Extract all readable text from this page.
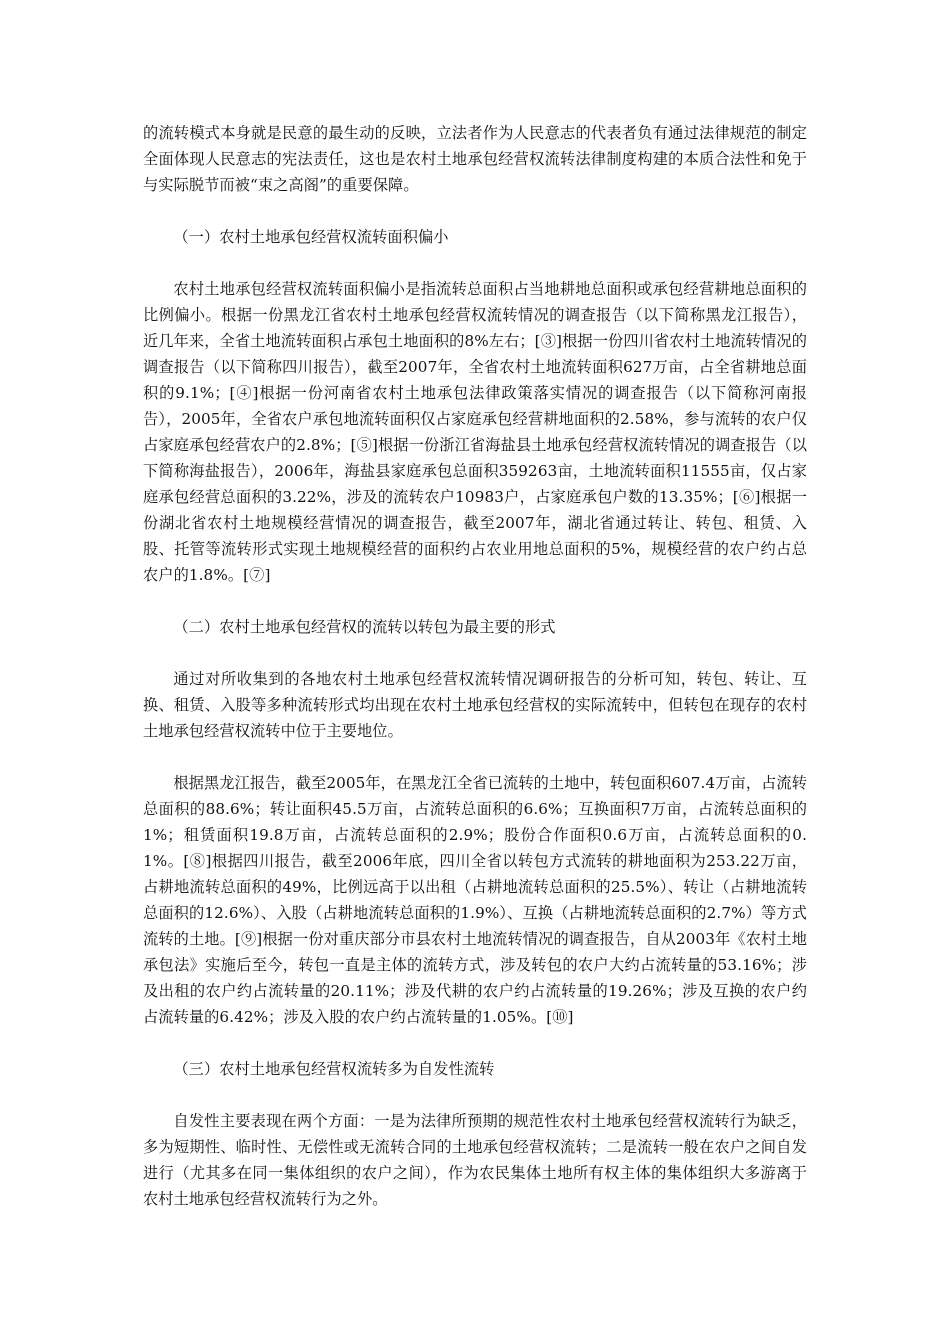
的流转模式本身就是民意的最生动的反映，立法者作为人民意志的代表者负有通过法律规范的制定全面体现人民意志的宪法责任，这也是农村土地承包经营权流转法律制度构建的本质合法性和免于与实际脱节而被“束之高阁”的重要保障。

（一）农村土地承包经营权流转面积偏小

农村土地承包经营权流转面积偏小是指流转总面积占当地耕地总面积或承包经营耕地总面积的比例偏小。根据一份黑龙江省农村土地承包经营权流转情况的调查报告（以下简称黑龙江报告），近几年来，全省土地流转面积占承包土地面积的8%左右；[③]根据一份四川省农村土地流转情况的调查报告（以下简称四川报告），截至2007年，全省农村土地流转面积627万亩，占全省耕地总面积的9.1%；[④]根据一份河南省农村土地承包法律政策落实情况的调查报告（以下简称河南报告），2005年，全省农户承包地流转面积仅占家庭承包经营耕地面积的2.58%，参与流转的农户仅占家庭承包经营农户的2.8%；[⑤]根据一份浙江省海盐县土地承包经营权流转情况的调查报告（以下简称海盐报告），2006年，海盐县家庭承包总面积359263亩，土地流转面积11555亩，仅占家庭承包经营总面积的3.22%，涉及的流转农户10983户，占家庭承包户数的13.35%；[⑥]根据一份湖北省农村土地规模经营情况的调查报告，截至2007年，湖北省通过转让、转包、租赁、入股、托管等流转形式实现土地规模经营的面积约占农业用地总面积的5%，规模经营的农户约占总农户的1.8%。[⑦]

（二）农村土地承包经营权的流转以转包为最主要的形式

通过对所收集到的各地农村土地承包经营权流转情况调研报告的分析可知，转包、转让、互换、租赁、入股等多种流转形式均出现在农村土地承包经营权的实际流转中，但转包在现存的农村土地承包经营权流转中位于主要地位。

根据黑龙江报告，截至2005年，在黑龙江全省已流转的土地中，转包面积607.4万亩，占流转总面积的88.6%；转让面积45.5万亩，占流转总面积的6.6%；互换面积7万亩，占流转总面积的1%；租赁面积19.8万亩，占流转总面积的2.9%；股份合作面积0.6万亩，占流转总面积的0.1%。[⑧]根据四川报告，截至2006年底，四川全省以转包方式流转的耕地面积为253.22万亩，占耕地流转总面积的49%，比例远高于以出租（占耕地流转总面积的25.5%）、转让（占耕地流转总面积的12.6%）、入股（占耕地流转总面积的1.9%）、互换（占耕地流转总面积的2.7%）等方式流转的土地。[⑨]根据一份对重庆部分市县农村土地流转情况的调查报告，自从2003年《农村土地承包法》实施后至今，转包一直是主体的流转方式，涉及转包的农户大约占流转量的53.16%；涉及出租的农户约占流转量的20.11%；涉及代耕的农户约占流转量的19.26%；涉及互换的农户约占流转量的6.42%；涉及入股的农户约占流转量的1.05%。[⑩]

（三）农村土地承包经营权流转多为自发性流转

自发性主要表现在两个方面：一是为法律所预期的规范性农村土地承包经营权流转行为缺乏，多为短期性、临时性、无偿性或无流转合同的土地承包经营权流转；二是流转一般在农户之间自发进行（尤其多在同一集体组织的农户之间），作为农民集体土地所有权主体的集体组织大多游离于农村土地承包经营权流转行为之外。
